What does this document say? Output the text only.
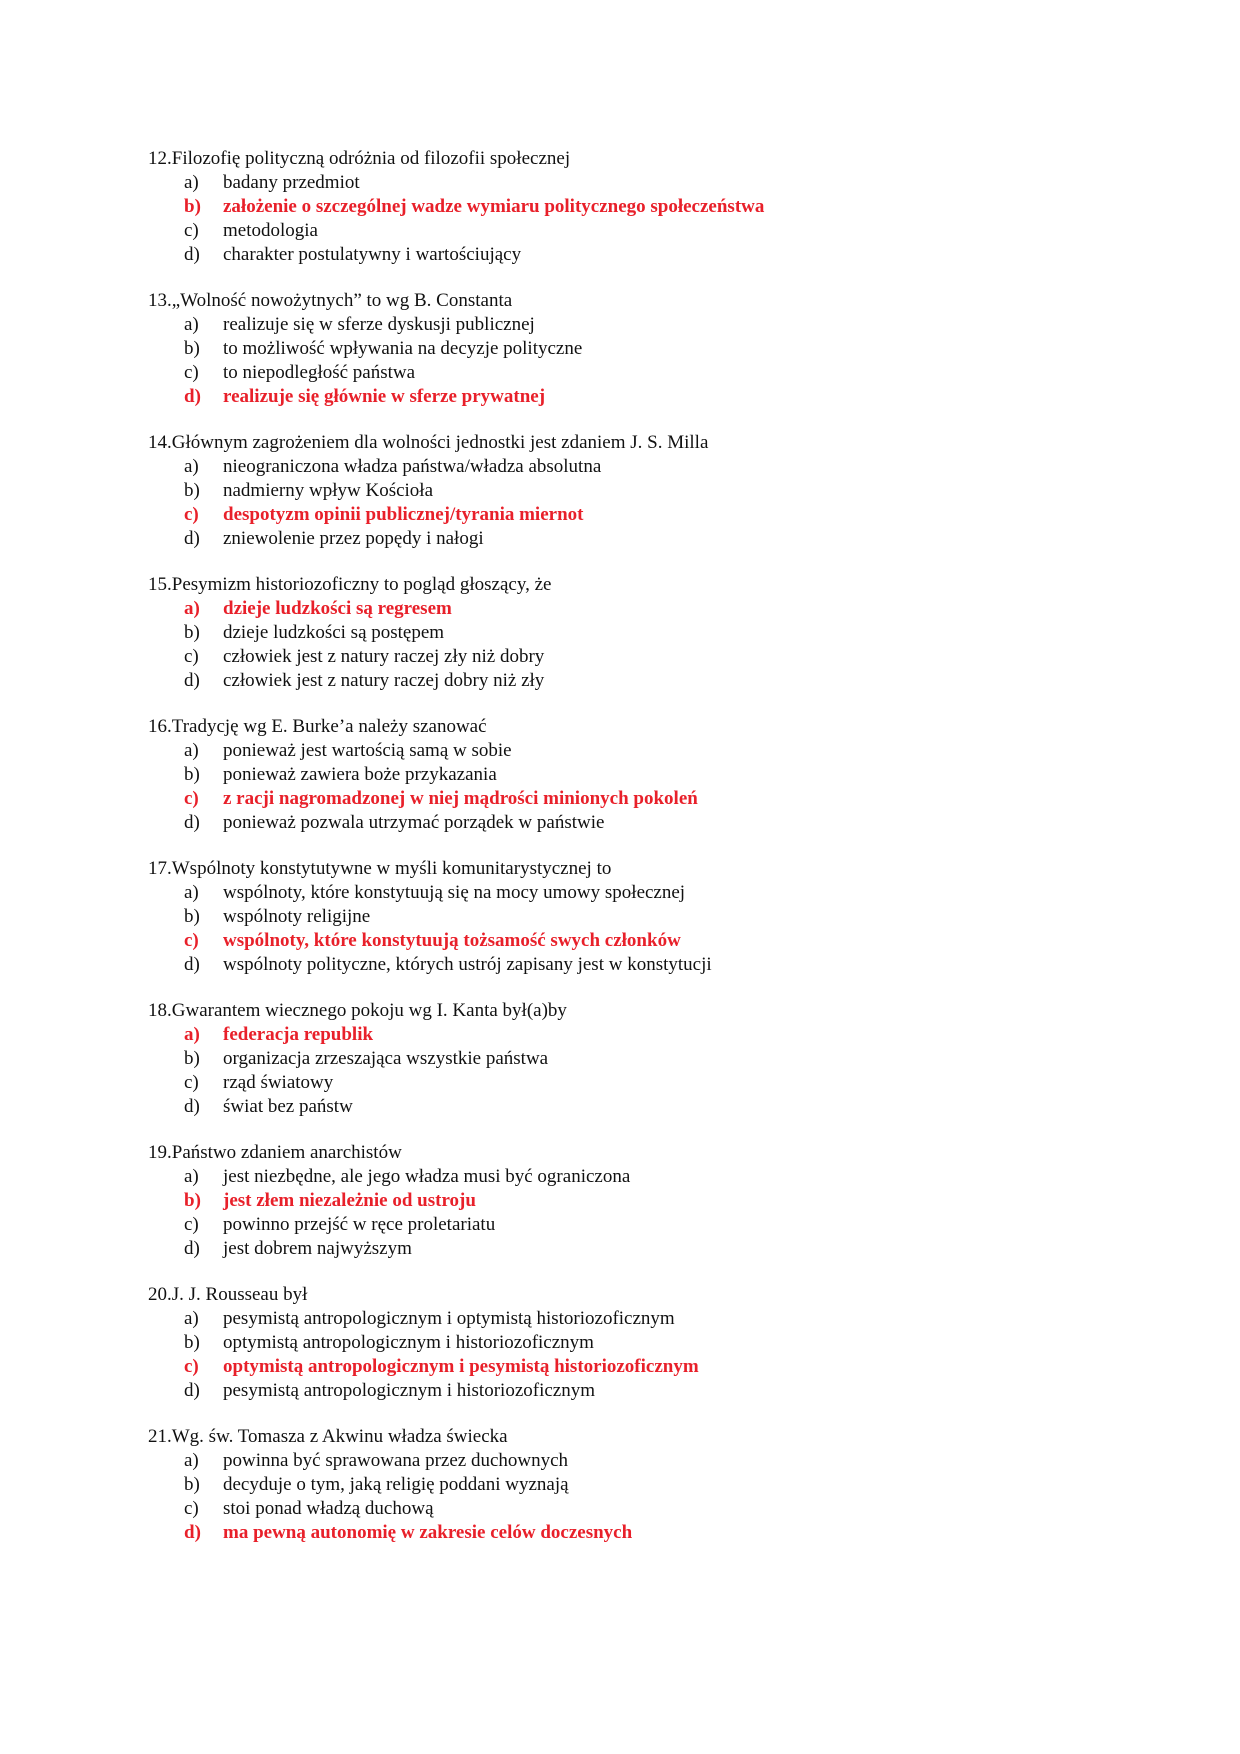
12.Filozofię polityczną odróżnia od filozofii społecznej
a) badany przedmiot
b) założenie o szczególnej wadze wymiaru politycznego społeczeństwa
c) metodologia
d) charakter postulatywny i wartościujący
13.„Wolność nowożytnych” to wg B. Constanta
a) realizuje się w sferze dyskusji publicznej
b) to możliwość wpływania na decyzje polityczne
c) to niepodległość państwa
d) realizuje się głównie w sferze prywatnej
14.Głównym zagrożeniem dla wolności jednostki jest zdaniem J. S. Milla
a) nieograniczona władza państwa/władza absolutna
b) nadmierny wpływ Kościoła
c) despotyzm opinii publicznej/tyrania miernot
d) zniewolenie przez popędy i nałogi
15.Pesymizm historiozoficzny to pogląd głoszący, że
a) dzieje ludzkości są regresem
b) dzieje ludzkości są postępem
c) człowiek jest z natury raczej zły niż dobry
d) człowiek jest z natury raczej dobry niż zły
16.Tradycję wg E. Burke’a należy szanować
a) ponieważ jest wartością samą w sobie
b) ponieważ zawiera boże przykazania
c) z racji nagromadzonej w niej mądrości minionych pokoleń
d) ponieważ pozwala utrzymać porządek w państwie
17.Wspólnoty konstytutywne w myśli komunitarystycznej to
a) wspólnoty, które konstytuują się na mocy umowy społecznej
b) wspólnoty religijne
c) wspólnoty, które konstytuują tożsamość swych członków
d) wspólnoty polityczne, których ustrój zapisany jest w konstytucji
18.Gwarantem wiecznego pokoju wg I. Kanta był(a)by
a) federacja republik
b) organizacja zrzeszająca wszystkie państwa
c) rząd światowy
d) świat bez państw
19.Państwo zdaniem anarchistów
a) jest niezbędne, ale jego władza musi być ograniczona
b) jest złem niezależnie od ustroju
c) powinno przejść w ręce proletariatu
d) jest dobrem najwyższym
20.J. J. Rousseau był
a) pesymistą antropologicznym i optymistą historiozoficznym
b) optymistą antropologicznym i historiozoficznym
c) optymistą antropologicznym i pesymistą historiozoficznym
d) pesymistą antropologicznym i historiozoficznym
21.Wg. św. Tomasza z Akwinu władza świecka
a) powinna być sprawowana przez duchownych
b) decyduje o tym, jaką religię poddani wyznają
c) stoi ponad władzą duchową
d) ma pewną autonomię w zakresie celów doczesnych
